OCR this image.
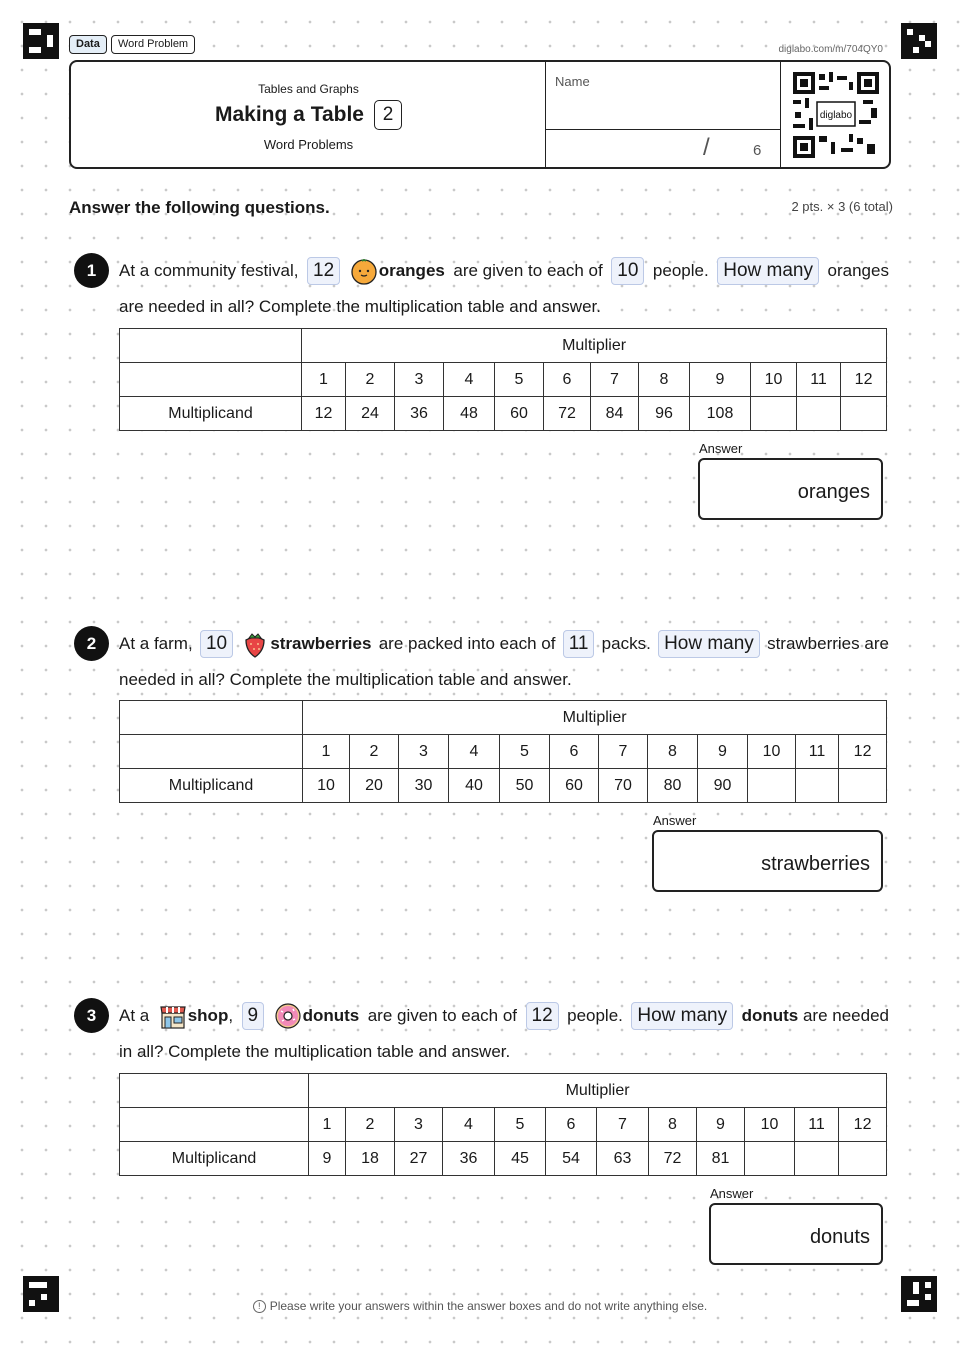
Data	Word Problem	diglabo.com/m/704QY0
Tables and Graphs
Making a Table 2
Word Problems
Name
/	6
diglabo
Answer the following questions.	2 pts. × 3 (6 total)
1	At a community festival, 12	oranges are given to each of 10 people. How many oranges
are needed in all? Complete the multiplication table and answer.
	Multiplier											
	1	2	3	4	5	6	7	8	9	10	11	12
Multiplicand	12	24	36	48	60	72	84	96	108			
Answer
oranges
2	At a farm, 10	strawberries are packed into each of 11 packs. How many strawberries are
needed in all? Complete the multiplication table and answer.
	Multiplier											
	1	2	3	4	5	6	7	8	9	10	11	12
Multiplicand	10	20	30	40	50	60	70	80	90			
Answer
strawberries
3	At a shop , 9	donuts are given to each of 12 people. How many donuts are needed
in all? Complete the multiplication table and answer.
	Multiplier											
	1	2	3	4	5	6	7	8	9	10	11	12
Multiplicand	9	18	27	36	45	54	63	72	81			
Answer
donuts
! Please write your answers within the answer boxes and do not write anything else.
